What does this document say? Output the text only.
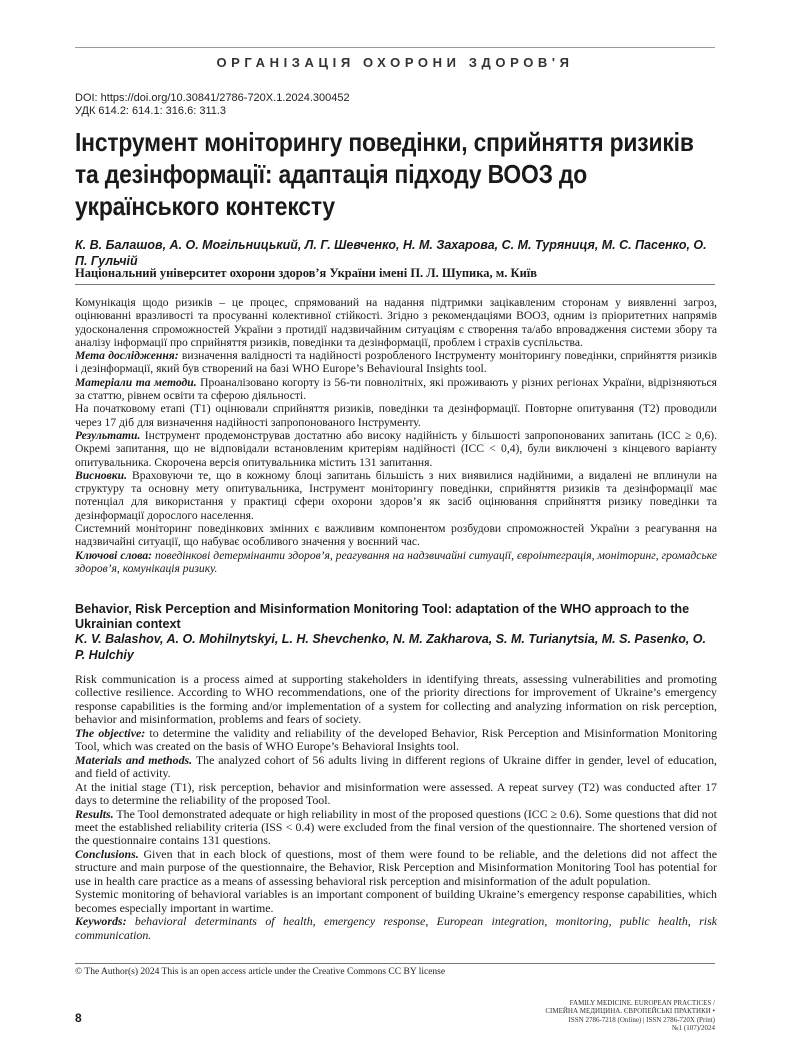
ОРГАНІЗАЦІЯ ОХОРОНИ ЗДОРОВ'Я
DOI: https://doi.org/10.30841/2786-720X.1.2024.300452
УДК 614.2: 614.1: 316.6: 311.3
Інструмент моніторингу поведінки, сприйняття ризиків та дезінформації: адаптація підходу ВООЗ до українського контексту
К. В. Балашов, А. О. Могільницький, Л. Г. Шевченко, Н. М. Захарова, С. М. Туряниця, М. С. Пасенко, О. П. Гульчій
Національний університет охорони здоров’я України імені П. Л. Шупика, м. Київ

Комунікація щодо ризиків – це процес, спрямований на надання підтримки зацікавленим сторонам у виявленні загроз, оцінюванні вразливості та просуванні колективної стійкості. Згідно з рекомендаціями ВООЗ, одним із пріоритетних напрямів удосконалення спроможностей України з протидії надзвичайним ситуаціям є створення та/або впровадження системи збору та аналізу інформації про сприйняття ризиків, поведінки та дезінформації, проблем і страхів суспільства.

Мета дослідження: визначення валідності та надійності розробленого Інструменту моніторингу поведінки, сприйняття ризиків і дезінформації, який був створений на базі WHO Europe’s Behavioural Insights tool.

Матеріали та методи. Проаналізовано когорту із 56-ти повнолітніх, які проживають у різних регіонах України, відрізняються за статтю, рівнем освіти та сферою діяльності.

На початковому етапі (Т1) оцінювали сприйняття ризиків, поведінки та дезінформації. Повторне опитування (Т2) проводили через 17 діб для визначення надійності запропонованого Інструменту.

Результати. Інструмент продемонстрував достатню або високу надійність у більшості запропонованих запитань (ICC ≥ 0,6). Окремі запитання, що не відповідали встановленим критеріям надійності (ICC < 0,4), були виключені з кінцевого варіанту опитувальника. Скорочена версія опитувальника містить 131 запитання.

Висновки. Враховуючи те, що в кожному блоці запитань більшість з них виявилися надійними, а видалені не вплинули на структуру та основну мету опитувальника, Інструмент моніторингу поведінки, сприйняття ризиків та дезінформації має потенціал для використання у практиці сфери охорони здоров’я як засіб оцінювання сприйняття ризику поведінки та дезінформації дорослого населення.

Системний моніторинг поведінкових змінних є важливим компонентом розбудови спроможностей України з реагування на надзвичайні ситуації, що набуває особливого значення у воєнний час.

Ключові слова: поведінкові детермінанти здоров’я, реагування на надзвичайні ситуації, євроінтеграція, моніторинг, громадське здоров’я, комунікація ризику.

Behavior, Risk Perception and Misinformation Monitoring Tool: adaptation of the WHO approach to the Ukrainian context
K. V. Balashov, A. O. Mohilnytskyi, L. H. Shevchenko, N. M. Zakharova, S. M. Turianytsia, M. S. Pasenko, O. P. Hulchiy

Risk communication is a process aimed at supporting stakeholders in identifying threats, assessing vulnerabilities and promoting collective resilience. According to WHO recommendations, one of the priority directions for improvement of Ukraine’s emergency response capabilities is the forming and/or implementation of a system for collecting and analyzing information on risk perception, behavior and misinformation, problems and fears of society.

The objective: to determine the validity and reliability of the developed Behavior, Risk Perception and Misinformation Monitoring Tool, which was created on the basis of WHO Europe’s Behavioral Insights tool.

Materials and methods. The analyzed cohort of 56 adults living in different regions of Ukraine differ in gender, level of education, and field of activity.

At the initial stage (T1), risk perception, behavior and misinformation were assessed. A repeat survey (T2) was conducted after 17 days to determine the reliability of the proposed Tool.

Results. The Tool demonstrated adequate or high reliability in most of the proposed questions (ICC ≥ 0.6). Some questions that did not meet the established reliability criteria (ISS < 0.4) were excluded from the final version of the questionnaire. The shortened version of the questionnaire contains 131 questions.

Conclusions. Given that in each block of questions, most of them were found to be reliable, and the deletions did not affect the structure and main purpose of the questionnaire, the Behavior, Risk Perception and Misinformation Monitoring Tool has potential for use in health care practice as a means of assessing behavioral risk perception and misinformation of the adult population.

Systemic monitoring of behavioral variables is an important component of building Ukraine’s emergency response capabilities, which becomes especially important in wartime.

Keywords: behavioral determinants of health, emergency response, European integration, monitoring, public health, risk communication.

© The Author(s) 2024 This is an open access article under the Creative Commons CC BY license
8
FAMILY MEDICINE. EUROPEAN PRACTICES /
СІМЕЙНА МЕДИЦИНА. ЄВРОПЕЙСЬКІ ПРАКТИКИ •
ISSN 2786-7218 (Online) | ISSN 2786-720X (Print)
№1 (107)/2024
